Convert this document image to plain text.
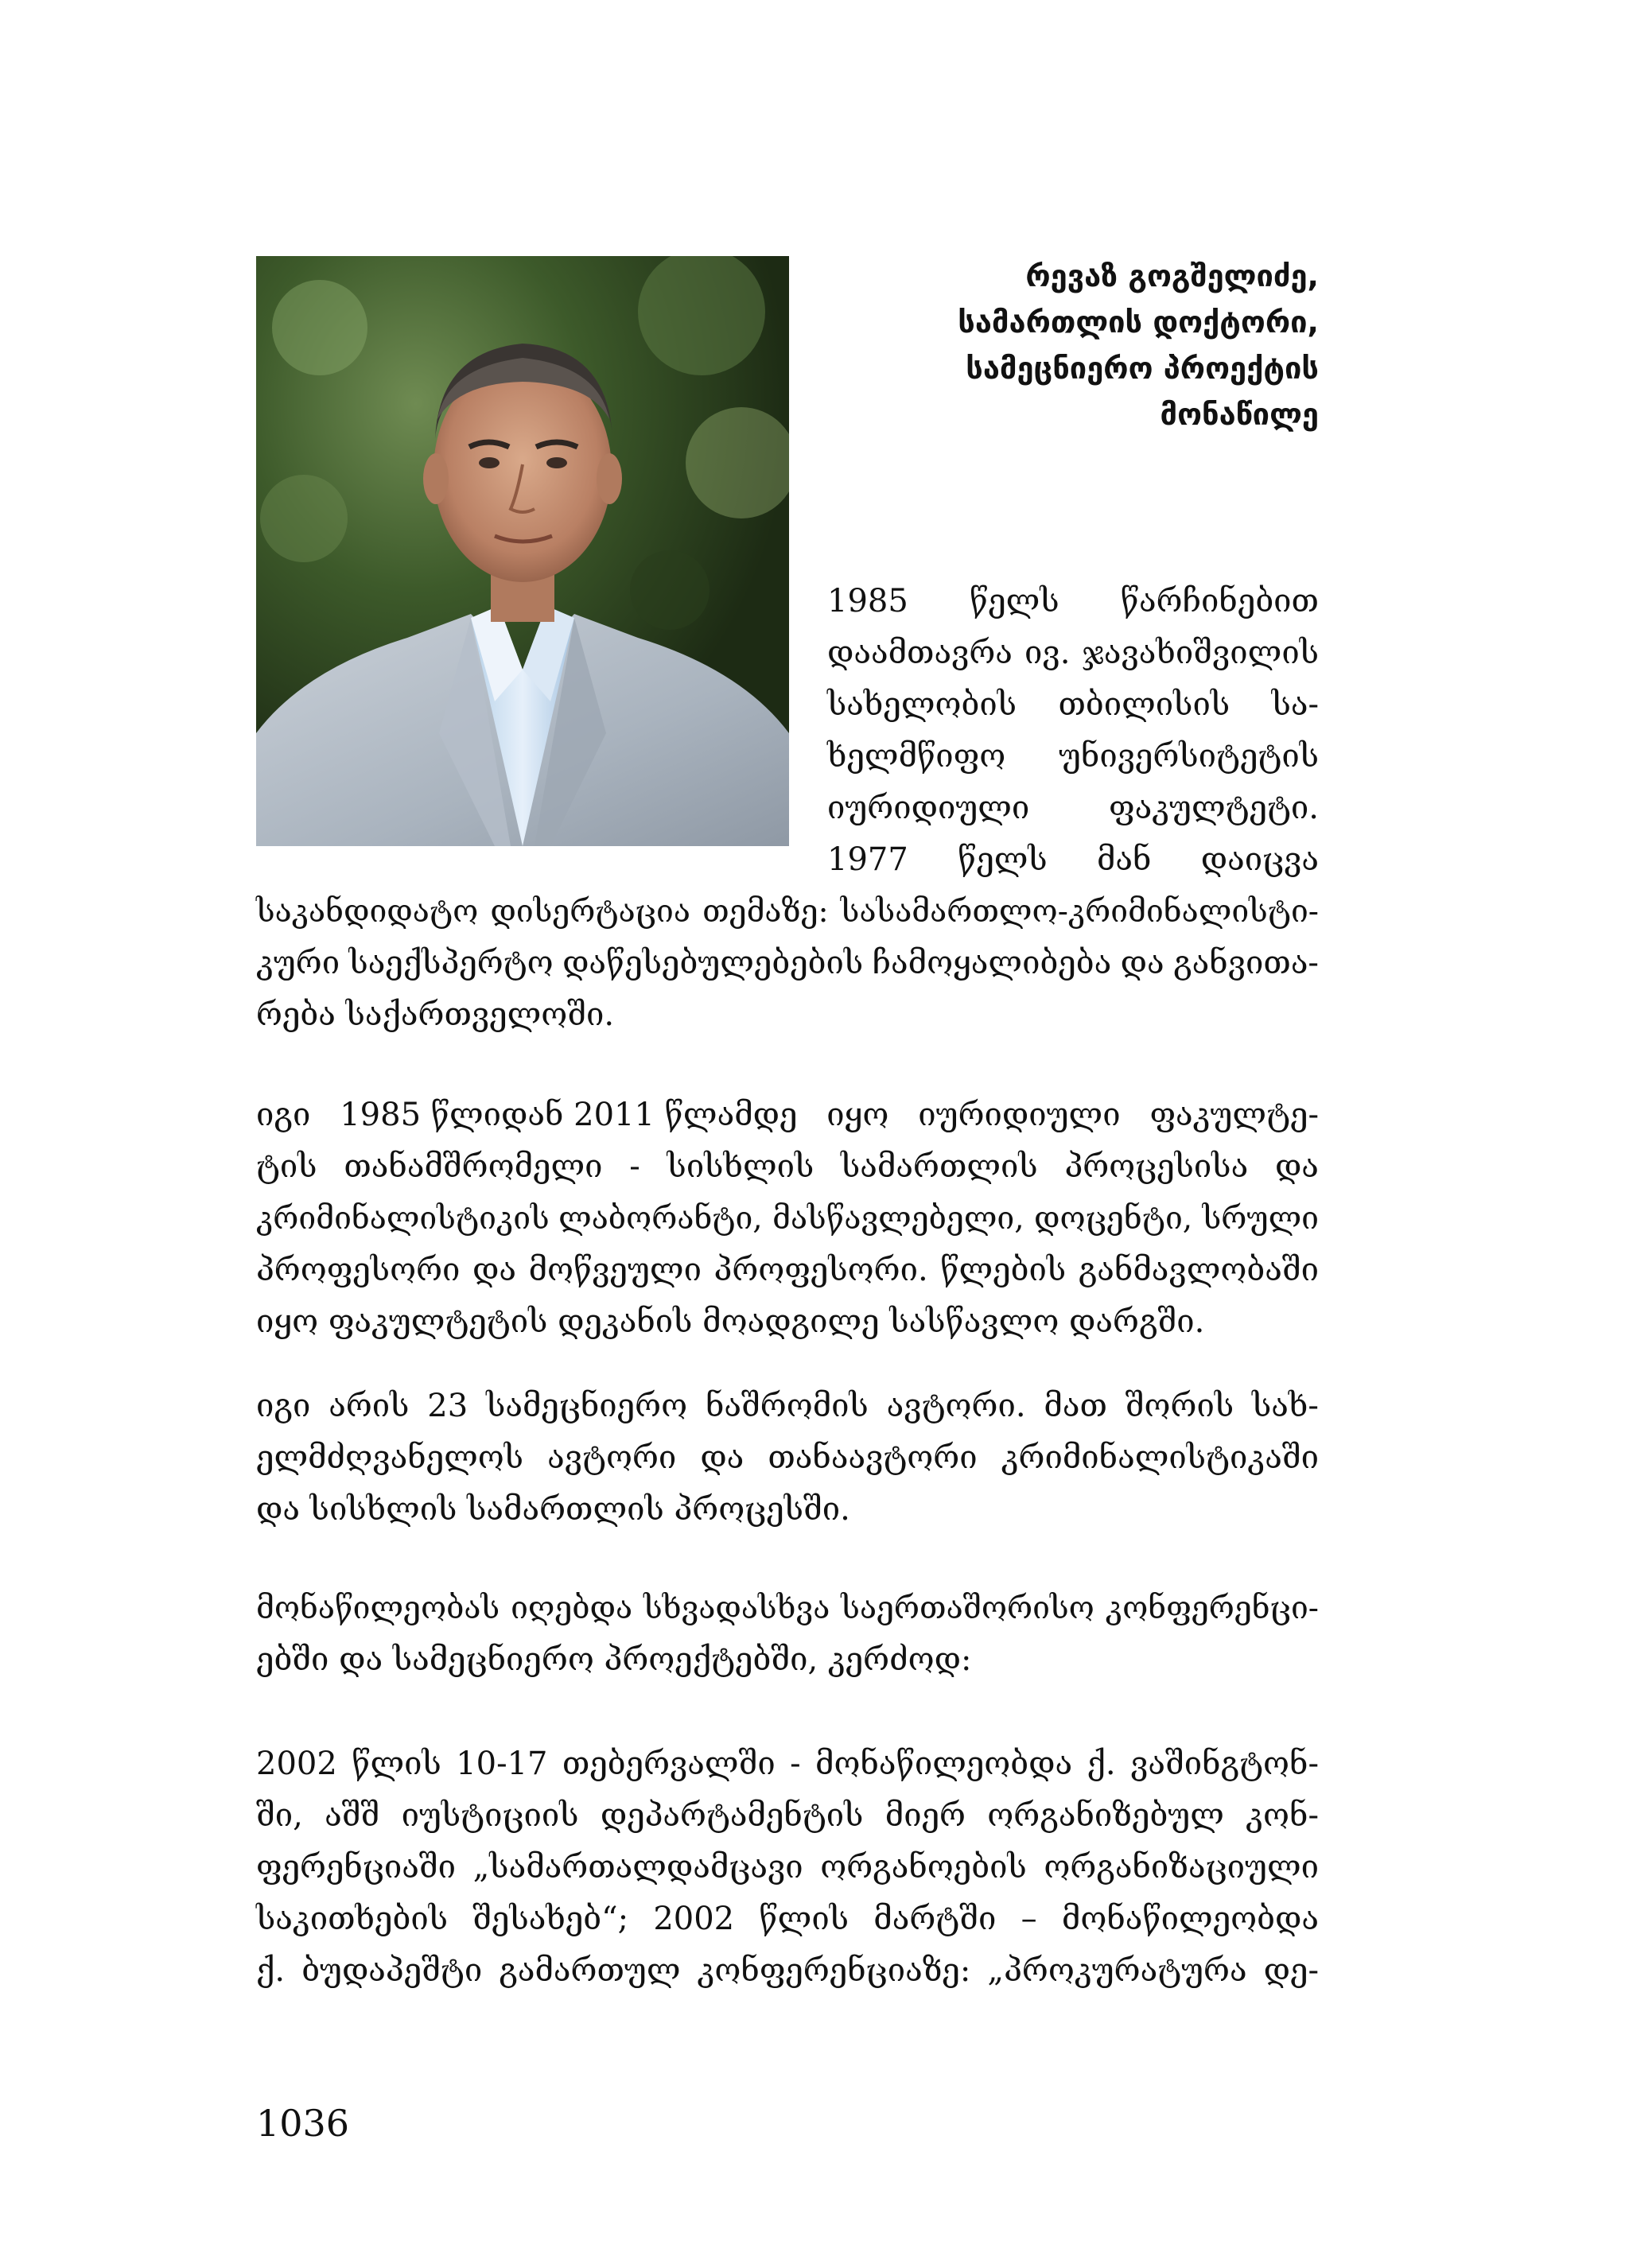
რევაზ გოგშელიძე,
სამართლის დოქტორი,
სამეცნიერო პროექტის
მონაწილე
1985 წელს წარჩინებით
დაამთავრა ივ. ჯავახიშვილის
სახელობის თბილისის სა-
ხელმწიფო უნივერსიტეტის
იურიდიული ფაკულტეტი.
1977 წელს მან დაიცვა
საკანდიდატო დისერტაცია თემაზე: სასამართლო-კრიმინალისტი-
კური საექსპერტო დაწესებულებების ჩამოყალიბება და განვითა-
რება საქართველოში.
იგი 1985 წლიდან 2011 წლამდე იყო იურიდიული ფაკულტე-
ტის თანამშრომელი - სისხლის სამართლის პროცესისა და
კრიმინალისტიკის ლაბორანტი, მასწავლებელი, დოცენტი, სრული
პროფესორი და მოწვეული პროფესორი. წლების განმავლობაში
იყო ფაკულტეტის დეკანის მოადგილე სასწავლო დარგში.
იგი არის 23 სამეცნიერო ნაშრომის ავტორი. მათ შორის სახ-
ელმძღვანელოს ავტორი და თანაავტორი კრიმინალისტიკაში
და სისხლის სამართლის პროცესში.
მონაწილეობას იღებდა სხვადასხვა საერთაშორისო კონფერენცი-
ებში და სამეცნიერო პროექტებში, კერძოდ:
2002 წლის 10-17 თებერვალში - მონაწილეობდა ქ. ვაშინგტონ-
ში, აშშ იუსტიციის დეპარტამენტის მიერ ორგანიზებულ კონ-
ფერენციაში „სამართალდამცავი ორგანოების ორგანიზაციული
საკითხების შესახებ“; 2002 წლის მარტში – მონაწილეობდა
ქ. ბუდაპეშტი გამართულ კონფერენციაზე: „პროკურატურა დე-
1036
